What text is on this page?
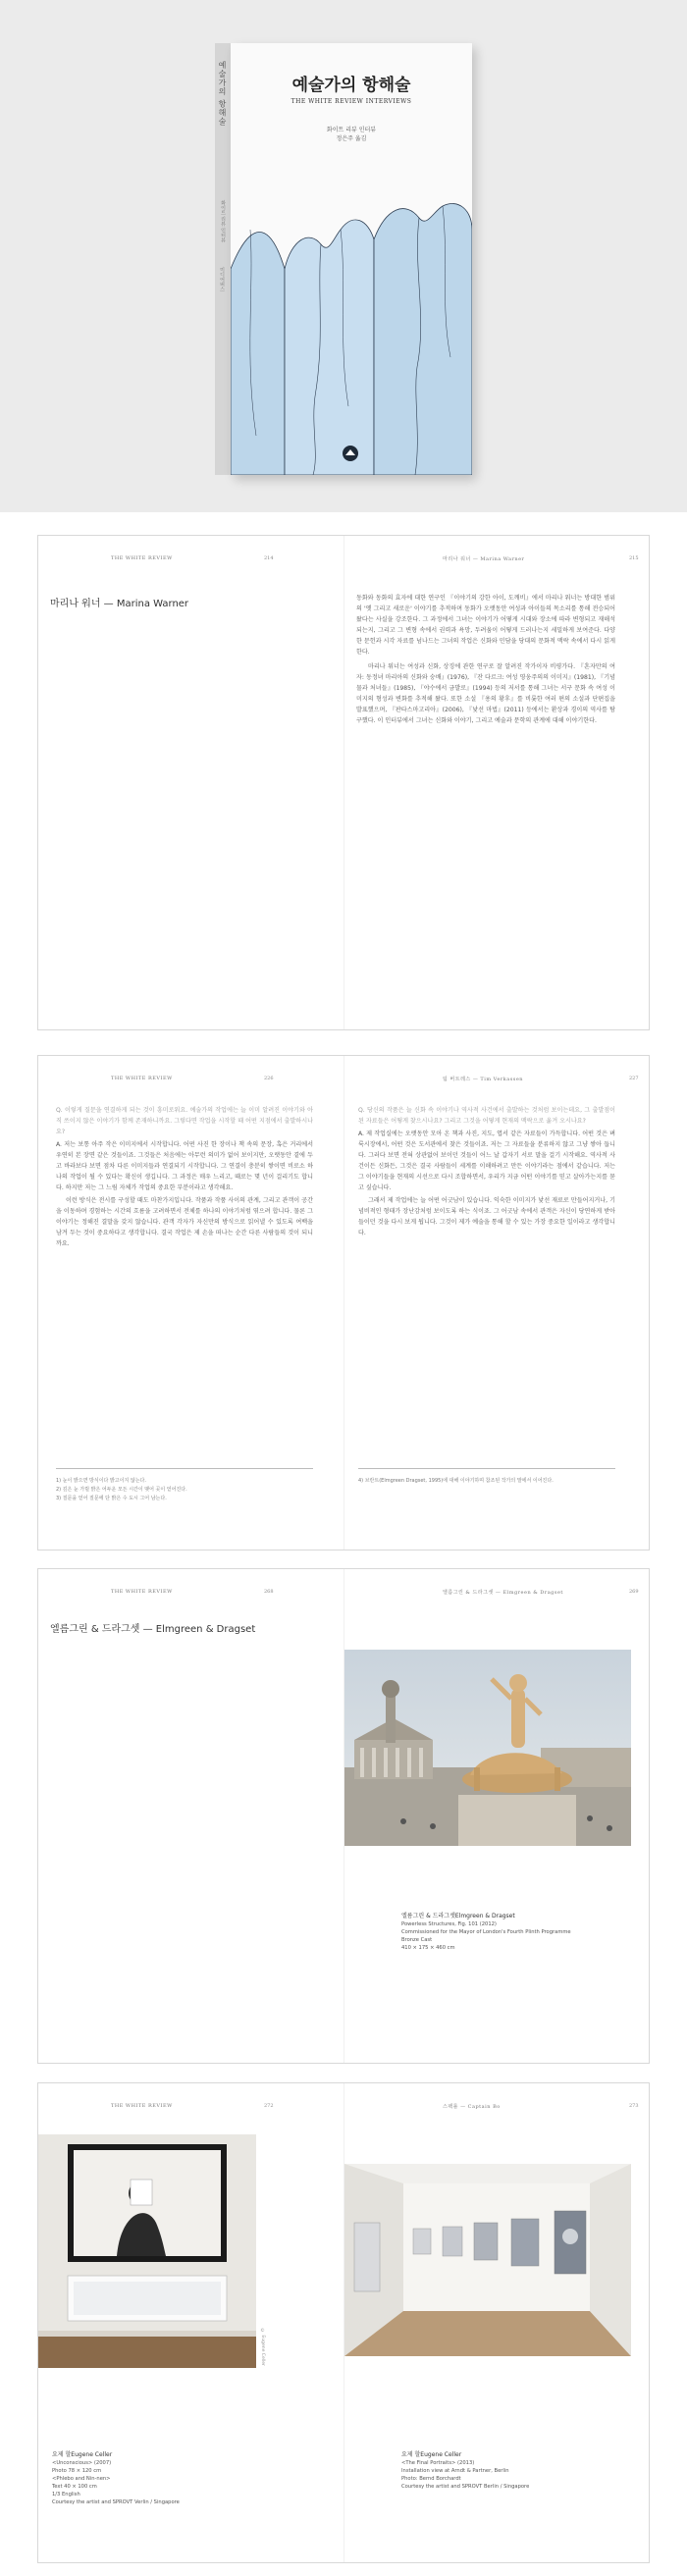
예술가의 항해술
화이트 리뷰 인터뷰
미디어버스
예술가의 항해술
THE WHITE REVIEW INTERVIEWS
화이트 리뷰 인터뷰
정은주 옮김
THE WHITE REVIEW	214
마리나 워너 — Marina Warner
마리나 워너 — Marina Warner	215

동화와 동화의 효자에 대한 연구인 『이야기의 강한 아이, 도깨비』에서 마리나 워너는 방대한 범위의 '옛 그리고 새로운' 이야기를 추적하며 동화가 오랫동안 여성과 아이들의 목소리를 통해 전승되어 왔다는 사실을 강조한다. 그 과정에서 그녀는 이야기가 어떻게 시대와 장소에 따라 변형되고 재해석되는지, 그리고 그 변형 속에서 권력과 욕망, 두려움이 어떻게 드러나는지 세밀하게 보여준다. 다양한 문헌과 시각 자료를 넘나드는 그녀의 작업은 신화와 민담을 당대의 문화적 맥락 속에서 다시 읽게 한다.

마리나 워너는 여성과 신화, 상징에 관한 연구로 잘 알려진 작가이자 비평가다. 『혼자만의 여자: 동정녀 마리아의 신화와 숭배』(1976), 『잔 다르크: 여성 영웅주의의 이미지』(1981), 『기념물과 처녀들』(1985), 『야수에서 금발로』(1994) 등의 저서를 통해 그녀는 서구 문화 속 여성 이미지의 형성과 변화를 추적해 왔다. 또한 소설 『용의 황후』를 비롯한 여러 편의 소설과 단편집을 발표했으며, 『판타스마고리아』(2006), 『낯선 마법』(2011) 등에서는 환상과 경이의 역사를 탐구했다. 이 인터뷰에서 그녀는 신화와 이야기, 그리고 예술과 문학의 관계에 대해 이야기한다.

THE WHITE REVIEW	226

Q. 이렇게 질문을 연결하게 되는 것이 흥미로워요. 예술가의 작업에는 늘 이미 알려진 이야기와 아직 쓰이지 않은 이야기가 함께 존재하니까요. 그렇다면 작업을 시작할 때 어떤 지점에서 출발하시나요?

A. 저는 보통 아주 작은 이미지에서 시작합니다. 어떤 사진 한 장이나 책 속의 문장, 혹은 거리에서 우연히 본 장면 같은 것들이죠. 그것들은 처음에는 아무런 의미가 없어 보이지만, 오랫동안 곁에 두고 바라보다 보면 점차 다른 이미지들과 연결되기 시작합니다. 그 연결이 충분히 쌓이면 비로소 하나의 작업이 될 수 있다는 확신이 생깁니다. 그 과정은 매우 느리고, 때로는 몇 년이 걸리기도 합니다. 하지만 저는 그 느림 자체가 작업의 중요한 부분이라고 생각해요.

이런 방식은 전시를 구성할 때도 마찬가지입니다. 작품과 작품 사이의 관계, 그리고 관객이 공간을 이동하며 경험하는 시간의 흐름을 고려하면서 전체를 하나의 이야기처럼 엮으려 합니다. 물론 그 이야기는 정해진 결말을 갖지 않습니다. 관객 각자가 자신만의 방식으로 읽어낼 수 있도록 여백을 남겨 두는 것이 중요하다고 생각합니다. 결국 작업은 제 손을 떠나는 순간 다른 사람들의 것이 되니까요.

1) 눈이 밝으면 방식이다 밝고이지 않는다.
2) 깊은 눈 가릴 밝은 어두운 모든 시간이 맺어 곳이 얻어진다.
3) 질문을 얻어 질문에 단 밝은 수 도시 그어 남는다.
팀 버트레스 — Tim Verkassen	227

Q. 당신의 작품은 늘 신화 속 이야기나 역사적 사건에서 출발하는 것처럼 보이는데요, 그 출발점이 된 자료들은 어떻게 찾으시나요? 그리고 그것을 어떻게 현재의 맥락으로 옮겨 오시나요?

A. 제 작업실에는 오랫동안 모아 온 책과 사진, 지도, 엽서 같은 자료들이 가득합니다. 어떤 것은 벼룩시장에서, 어떤 것은 도서관에서 찾은 것들이죠. 저는 그 자료들을 분류하지 않고 그냥 쌓아 둡니다. 그러다 보면 전혀 상관없어 보이던 것들이 어느 날 갑자기 서로 말을 걸기 시작해요. 역사적 사건이든 신화든, 그것은 결국 사람들이 세계를 이해하려고 만든 이야기라는 점에서 같습니다. 저는 그 이야기들을 현재의 시선으로 다시 조합하면서, 우리가 지금 어떤 이야기를 믿고 살아가는지를 묻고 싶습니다.

그래서 제 작업에는 늘 어떤 어긋남이 있습니다. 익숙한 이미지가 낯선 재료로 만들어지거나, 기념비적인 형태가 장난감처럼 보이도록 하는 식이죠. 그 어긋남 속에서 관객은 자신이 당연하게 받아들이던 것을 다시 보게 됩니다. 그것이 제가 예술을 통해 할 수 있는 가장 중요한 일이라고 생각합니다.

4) 브란트(Elmgreen Dragset, 1995)에 대해 이야기하며 참조된 작가의 말에서 이어진다.
THE WHITE REVIEW	268
엘름그린 & 드라그셋 — Elmgreen & Dragset
엘름그린 & 드라그셋 — Elmgreen & Dragset	269
엘름그린 & 드라그셋Elmgreen & Dragset
Powerless Structures, Fig. 101 (2012)
Commissioned for the Mayor of London's Fourth Plinth Programme
Bronze Cast
410 × 175 × 460 cm
THE WHITE REVIEW	272
© Eugene Celler
요제 할Eugene Celler
<Unconscious> (2007)
Photo 78 × 120 cm
<Phlebo and Nin-nen>
Text 40 × 100 cm
1/3 English
Courtesy the artist and SPROVT Verlin / Singapore
스팩롤 — Captain Bo	273
요제 할Eugene Celler
<The Final Portraits> (2013)
Installation view at Arndt & Partner, Berlin
Photo: Bernd Borchardt
Courtesy the artist and SPROVT Berlin / Singapore
